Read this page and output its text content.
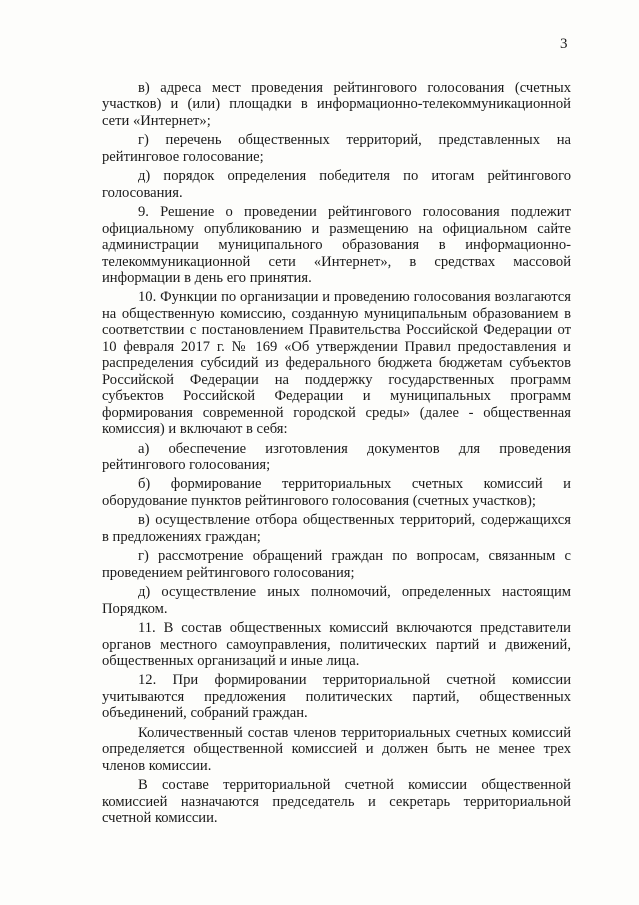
3

в) адреса мест проведения рейтингового голосования (счетных участков) и (или) площадки в информационно-телекоммуникационной сети «Интернет»;

г) перечень общественных территорий, представленных на рейтинговое голосование;

д) порядок определения победителя по итогам рейтингового голосования.

9. Решение о проведении рейтингового голосования подлежит официальному опубликованию и размещению на официальном сайте администрации муниципального образования в информационно-телекоммуникационной сети «Интернет», в средствах массовой информации в день его принятия.

10. Функции по организации и проведению голосования возлагаются на общественную комиссию, созданную муниципальным образованием в соответствии с постановлением Правительства Российской Федерации от 10 февраля 2017 г. № 169 «Об утверждении Правил предоставления и распределения субсидий из федерального бюджета бюджетам субъектов Российской Федерации на поддержку государственных программ субъектов Российской Федерации и муниципальных программ формирования современной городской среды» (далее - общественная комиссия) и включают в себя:

а) обеспечение изготовления документов для проведения рейтингового голосования;

б) формирование территориальных счетных комиссий и оборудование пунктов рейтингового голосования (счетных участков);

в) осуществление отбора общественных территорий, содержащихся в предложениях граждан;

г) рассмотрение обращений граждан по вопросам, связанным с проведением рейтингового голосования;

д) осуществление иных полномочий, определенных настоящим Порядком.

11. В состав общественных комиссий включаются представители органов местного самоуправления, политических партий и движений, общественных организаций и иные лица.

12. При формировании территориальной счетной комиссии учитываются предложения политических партий, общественных объединений, собраний граждан.

Количественный состав членов территориальных счетных комиссий определяется общественной комиссией и должен быть не менее трех членов комиссии.

В составе территориальной счетной комиссии общественной комиссией назначаются председатель и секретарь территориальной счетной комиссии.
